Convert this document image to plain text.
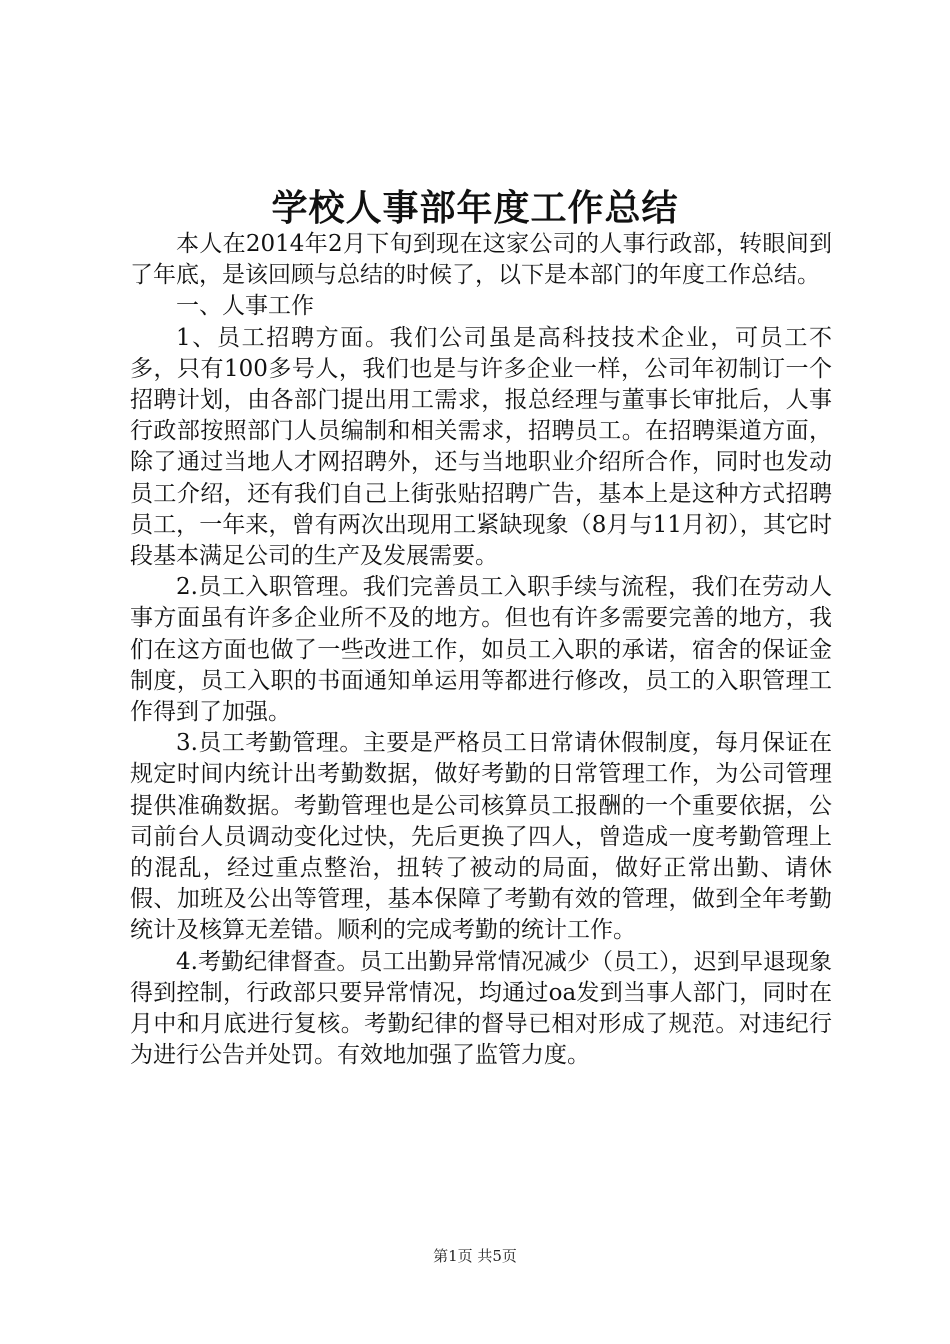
学校人事部年度工作总结

本人在2014年2月下旬到现在这家公司的人事行政部，转眼间到了年底，是该回顾与总结的时候了，以下是本部门的年度工作总结。

一、人事工作

1、员工招聘方面。我们公司虽是高科技技术企业，可员工不多，只有100多号人，我们也是与许多企业一样，公司年初制订一个招聘计划，由各部门提出用工需求，报总经理与董事长审批后，人事行政部按照部门人员编制和相关需求，招聘员工。在招聘渠道方面，除了通过当地人才网招聘外，还与当地职业介绍所合作，同时也发动员工介绍，还有我们自己上街张贴招聘广告，基本上是这种方式招聘员工，一年来，曾有两次出现用工紧缺现象（8月与11月初），其它时段基本满足公司的生产及发展需要。

2.员工入职管理。我们完善员工入职手续与流程，我们在劳动人事方面虽有许多企业所不及的地方。但也有许多需要完善的地方，我们在这方面也做了一些改进工作，如员工入职的承诺，宿舍的保证金制度，员工入职的书面通知单运用等都进行修改，员工的入职管理工作得到了加强。

3.员工考勤管理。主要是严格员工日常请休假制度，每月保证在规定时间内统计出考勤数据，做好考勤的日常管理工作，为公司管理提供准确数据。考勤管理也是公司核算员工报酬的一个重要依据，公司前台人员调动变化过快，先后更换了四人，曾造成一度考勤管理上的混乱，经过重点整治，扭转了被动的局面，做好正常出勤、请休假、加班及公出等管理，基本保障了考勤有效的管理，做到全年考勤统计及核算无差错。顺利的完成考勤的统计工作。

4.考勤纪律督查。员工出勤异常情况减少（员工），迟到早退现象得到控制，行政部只要异常情况，均通过oa发到当事人部门，同时在月中和月底进行复核。考勤纪律的督导已相对形成了规范。对违纪行为进行公告并处罚。有效地加强了监管力度。

第1页 共5页
